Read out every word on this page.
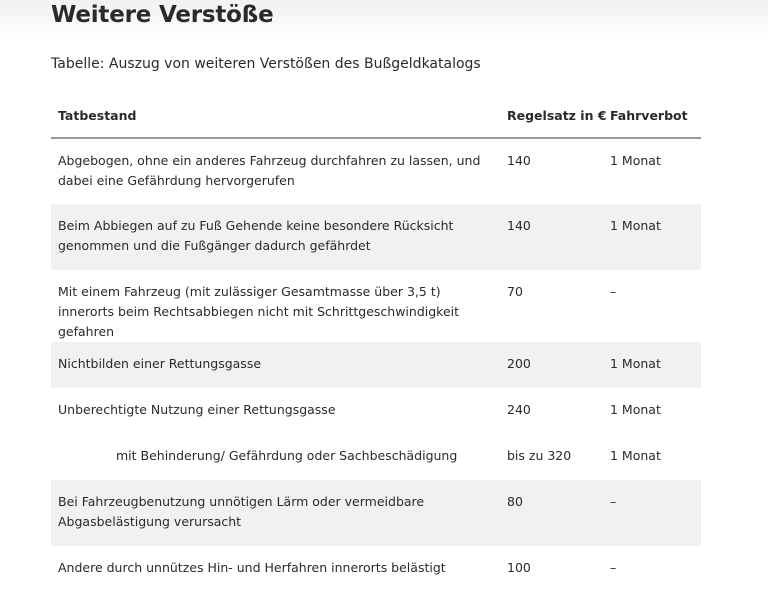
Weitere Verstöße
Tabelle: Auszug von weiteren Verstößen des Bußgeldkatalogs
Tatbestand	Regelsatz in €	Fahrverbot

Abgebogen, ohne ein anderes Fahrzeug durchfahren zu lassen, und dabei eine Gefährdung hervorgerufen	140	1 Monat

Beim Abbiegen auf zu Fuß Gehende keine besondere Rücksicht genommen und die Fußgänger dadurch gefährdet	140	1 Monat

Mit einem Fahrzeug (mit zulässiger Gesamtmasse über 3,5 t) innerorts beim Rechtsabbiegen nicht mit Schrittgeschwindigkeit gefahren	70	–

Nichtbilden einer Rettungsgasse	200	1 Monat

Unberechtigte Nutzung einer Rettungsgasse	240	1 Monat

mit Behinderung/ Gefährdung oder Sachbeschädigung	bis zu 320	1 Monat

Bei Fahrzeugbenutzung unnötigen Lärm oder vermeidbare Abgasbelästigung verursacht	80	–

Andere durch unnützes Hin- und Herfahren innerorts belästigt	100	–
